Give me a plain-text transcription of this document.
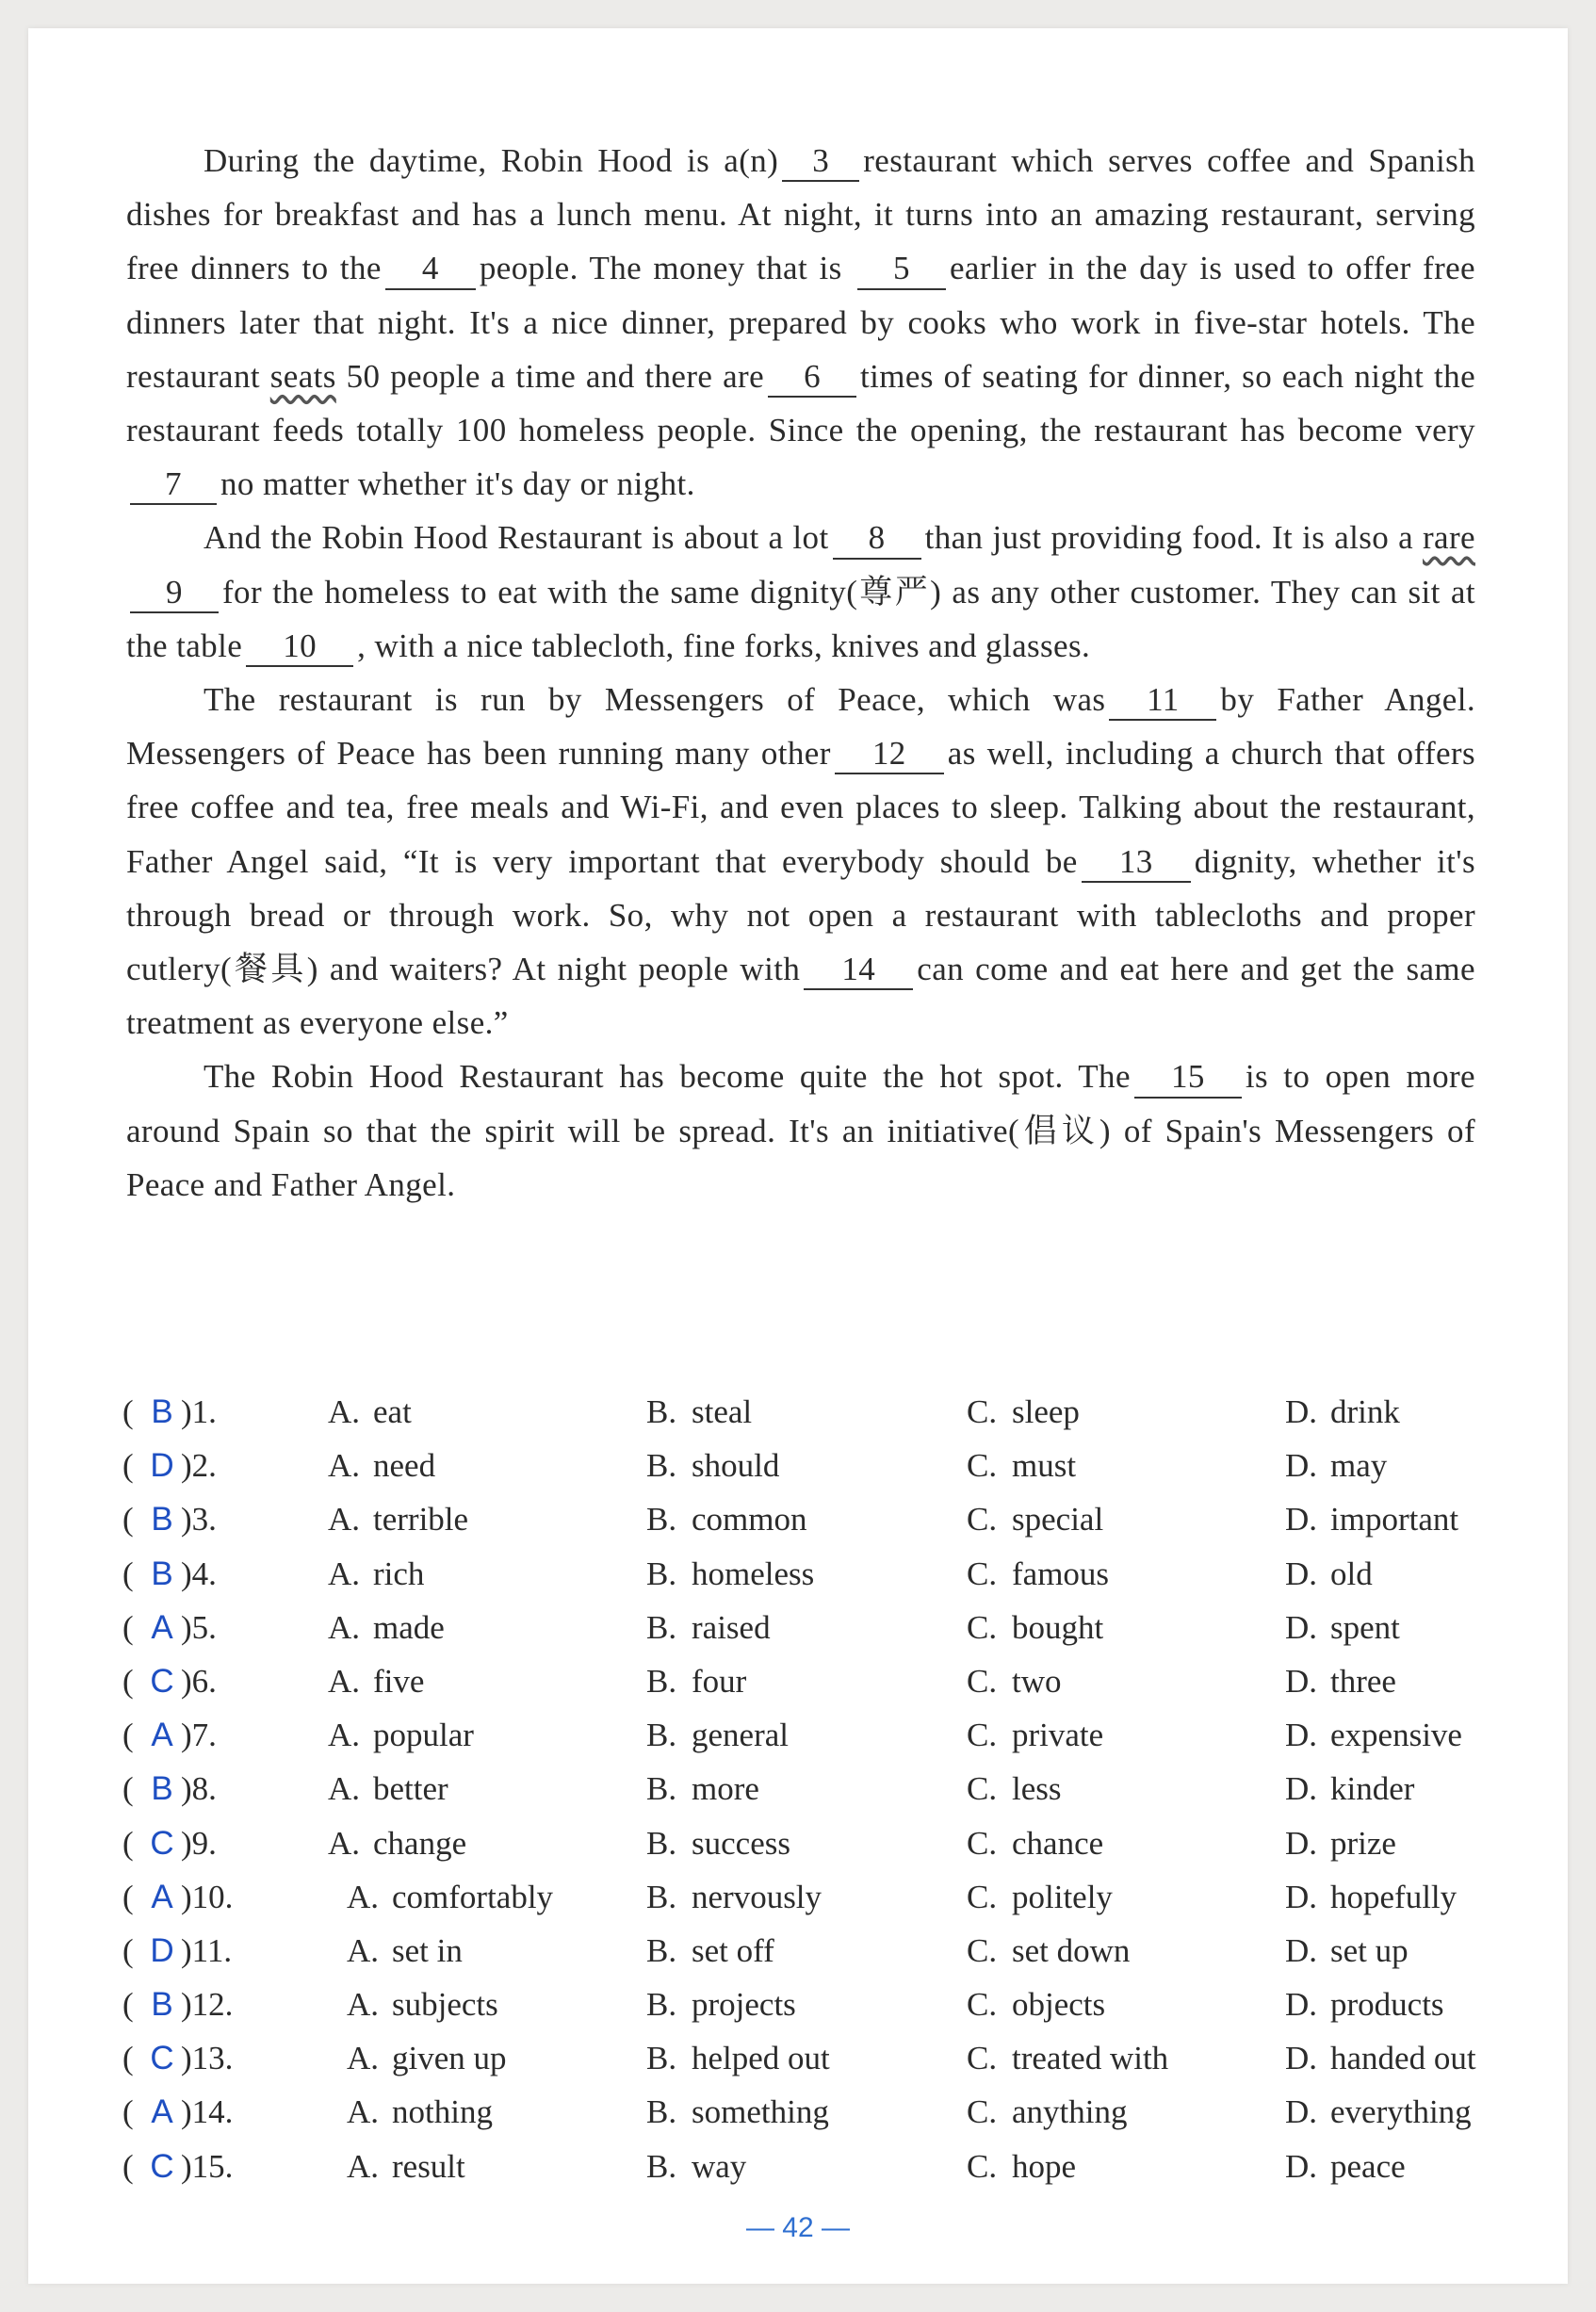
During the daytime, Robin Hood is a(n) 3 restaurant which serves coffee and Spanish dishes for breakfast and has a lunch menu. At night, it turns into an amazing restaurant, serving free dinners to the 4 people. The money that is 5 earlier in the day is used to offer free dinners later that night. It's a nice dinner, prepared by cooks who work in five-star hotels. The restaurant seats 50 people a time and there are 6 times of seating for dinner, so each night the restaurant feeds totally 100 homeless people. Since the opening, the restaurant has become very7 no matter whether it's day or night.

And the Robin Hood Restaurant is about a lot 8 than just providing food. It is also a rare9 for the homeless to eat with the same dignity(尊严) as any other customer. They can sit at the table 10 , with a nice tablecloth, fine forks, knives and glasses.

The restaurant is run by Messengers of Peace, which was 11 by Father Angel. Messengers of Peace has been running many other 12 as well, including a church that offers free coffee and tea, free meals and Wi-Fi, and even places to sleep. Talking about the restaurant, Father Angel said, “It is very important that everybody should be 13 dignity, whether it's through bread or through work. So, why not open a restaurant with tablecloths and proper cutlery(餐具) and waiters? At night people with 14 can come and eat here and get the same treatment as everyone else.”

The Robin Hood Restaurant has become quite the hot spot. The 15 is to open more around Spain so that the spirit will be spread. It's an initiative(倡议) of Spain's Messengers of Peace and Father Angel.

( B )1.	A. eat	B. steal	C. sleep	D. drink
( D )2.	A. need	B. should	C. must	D. may
( B )3.	A. terrible	B. common	C. special	D. important
( B )4.	A. rich	B. homeless	C. famous	D. old
( A )5.	A. made	B. raised	C. bought	D. spent
( C )6.	A. five	B. four	C. two	D. three
( A )7.	A. popular	B. general	C. private	D. expensive
( B )8.	A. better	B. more	C. less	D. kinder
( C )9.	A. change	B. success	C. chance	D. prize
( A )10.	A. comfortably	B. nervously	C. politely	D. hopefully
( D )11.	A. set in	B. set off	C. set down	D. set up
( B )12.	A. subjects	B. projects	C. objects	D. products
( C )13.	A. given up	B. helped out	C. treated with	D. handed out
( A )14.	A. nothing	B. something	C. anything	D. everything
( C )15.	A. result	B. way	C. hope	D. peace
— 42 —
